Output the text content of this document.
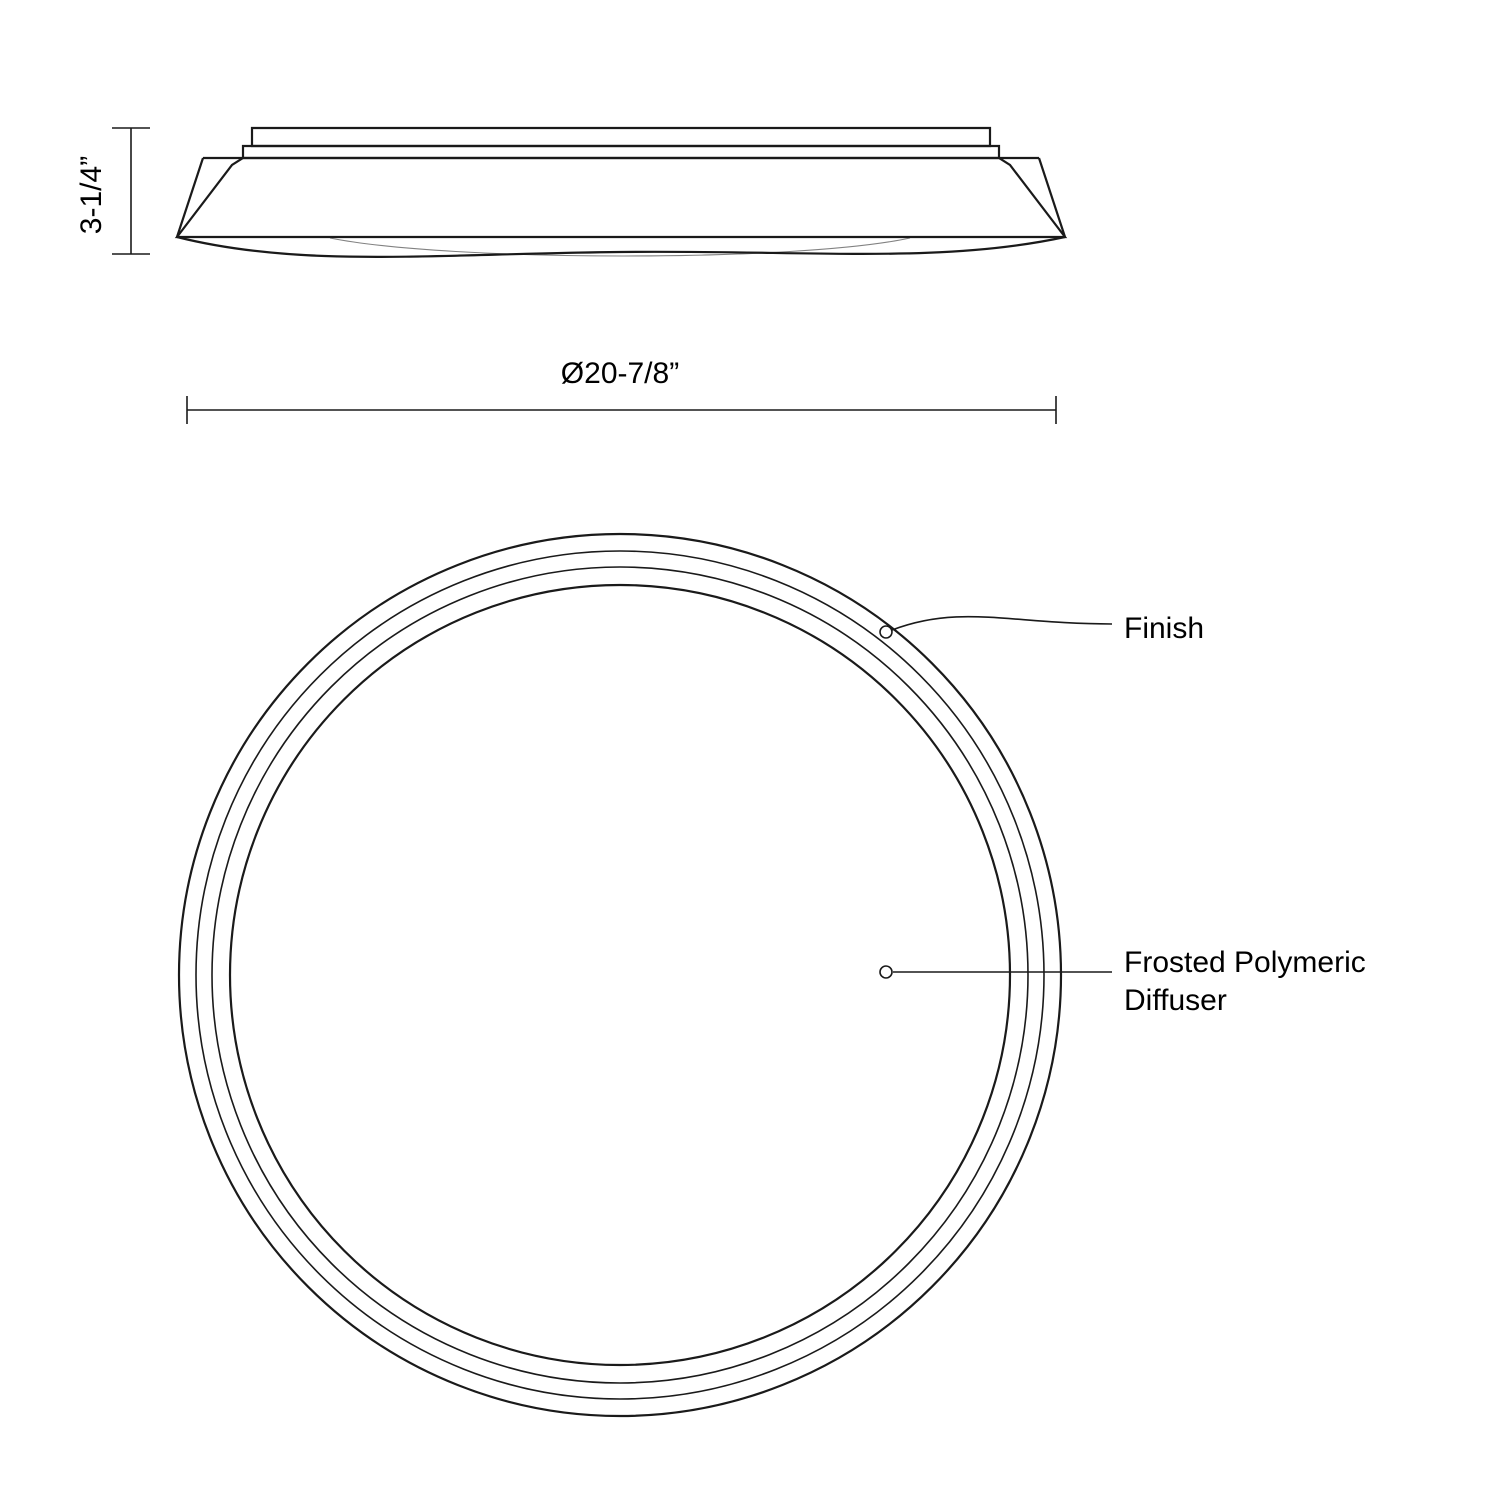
3-1/4”
Ø20-7/8”
Finish
Frosted Polymeric
Diffuser
